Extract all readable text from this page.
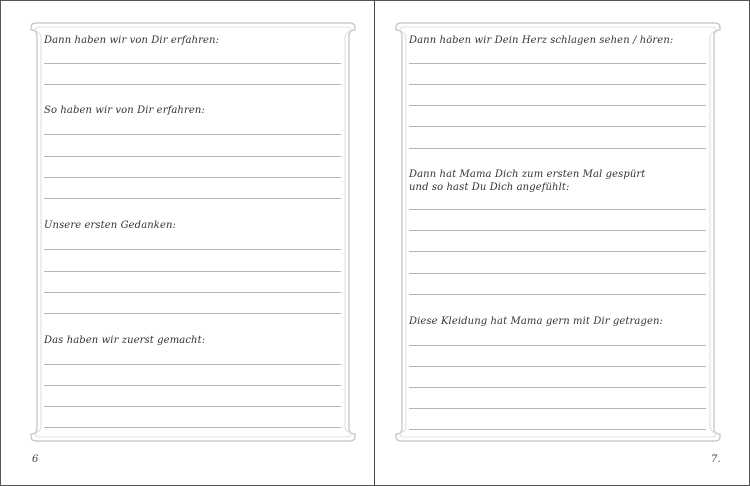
Dann haben wir von Dir erfahren:
So haben wir von Dir erfahren:
Unsere ersten Gedanken:
Das haben wir zuerst gemacht:
6
Dann haben wir Dein Herz schlagen sehen / hören:
Dann hat Mama Dich zum ersten Mal gespürt
und so hast Du Dich angefühlt:
Diese Kleidung hat Mama gern mit Dir getragen:
7.
